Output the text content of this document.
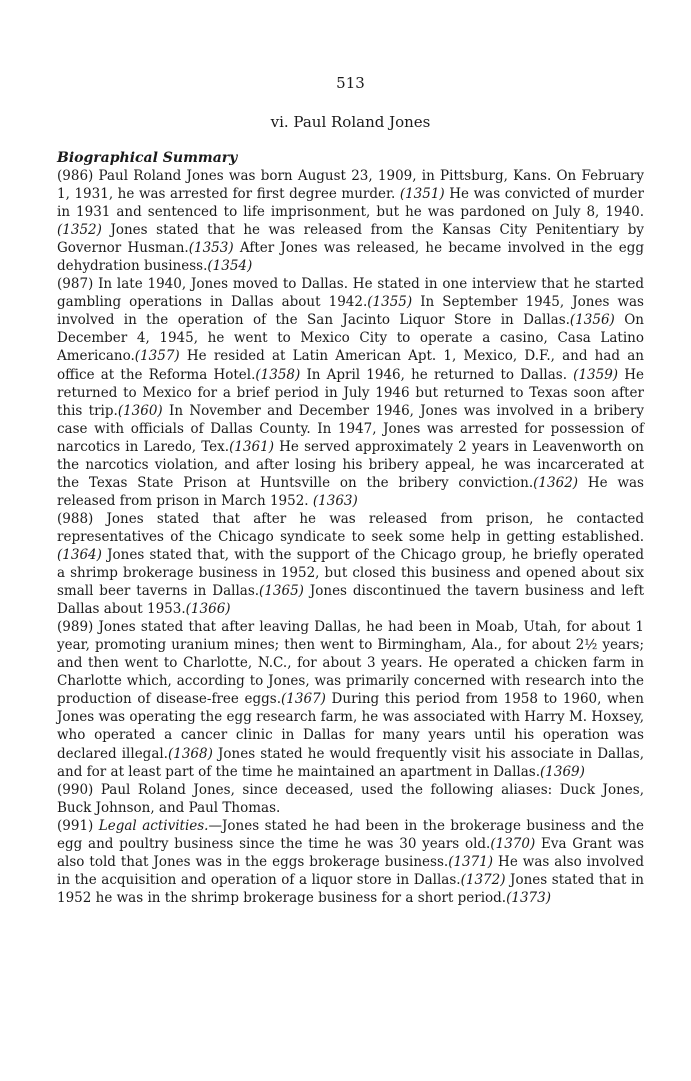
513
vi. Paul Roland Jones
Biographical Summary

(986) Paul Roland Jones was born August 23, 1909, in Pittsburg, Kans. On February 1, 1931, he was arrested for first degree murder. (1351) He was convicted of murder in 1931 and sentenced to life imprisonment, but he was pardoned on July 8, 1940.(1352) Jones stated that he was released from the Kansas City Penitentiary by Governor Husman.(1353) After Jones was released, he became involved in the egg dehydration business.(1354)

(987) In late 1940, Jones moved to Dallas. He stated in one interview that he started gambling operations in Dallas about 1942.(1355) In September 1945, Jones was involved in the operation of the San Jacinto Liquor Store in Dallas.(1356) On December 4, 1945, he went to Mexico City to operate a casino, Casa Latino Americano.(1357) He resided at Latin American Apt. 1, Mexico, D.F., and had an office at the Reforma Hotel.(1358) In April 1946, he returned to Dallas. (1359) He returned to Mexico for a brief period in July 1946 but returned to Texas soon after this trip.(1360) In November and December 1946, Jones was involved in a bribery case with officials of Dallas County. In 1947, Jones was arrested for possession of narcotics in Laredo, Tex.(1361) He served approximately 2 years in Leavenworth on the narcotics violation, and after losing his bribery appeal, he was incarcerated at the Texas State Prison at Huntsville on the bribery conviction.(1362) He was released from prison in March 1952. (1363)

(988) Jones stated that after he was released from prison, he contacted representatives of the Chicago syndicate to seek some help in getting established.(1364) Jones stated that, with the support of the Chicago group, he briefly operated a shrimp brokerage business in 1952, but closed this business and opened about six small beer taverns in Dallas.(1365) Jones discontinued the tavern business and left Dallas about 1953.(1366)

(989) Jones stated that after leaving Dallas, he had been in Moab, Utah, for about 1 year, promoting uranium mines; then went to Birmingham, Ala., for about 2½ years; and then went to Charlotte, N.C., for about 3 years. He operated a chicken farm in Charlotte which, according to Jones, was primarily concerned with research into the production of disease-free eggs.(1367) During this period from 1958 to 1960, when Jones was operating the egg research farm, he was associated with Harry M. Hoxsey, who operated a cancer clinic in Dallas for many years until his operation was declared illegal.(1368) Jones stated he would frequently visit his associate in Dallas, and for at least part of the time he maintained an apartment in Dallas.(1369)

(990) Paul Roland Jones, since deceased, used the following aliases: Duck Jones, Buck Johnson, and Paul Thomas.

(991) Legal activities.—Jones stated he had been in the brokerage business and the egg and poultry business since the time he was 30 years old.(1370) Eva Grant was also told that Jones was in the eggs brokerage business.(1371) He was also involved in the acquisition and operation of a liquor store in Dallas.(1372) Jones stated that in 1952 he was in the shrimp brokerage business for a short period.(1373)
